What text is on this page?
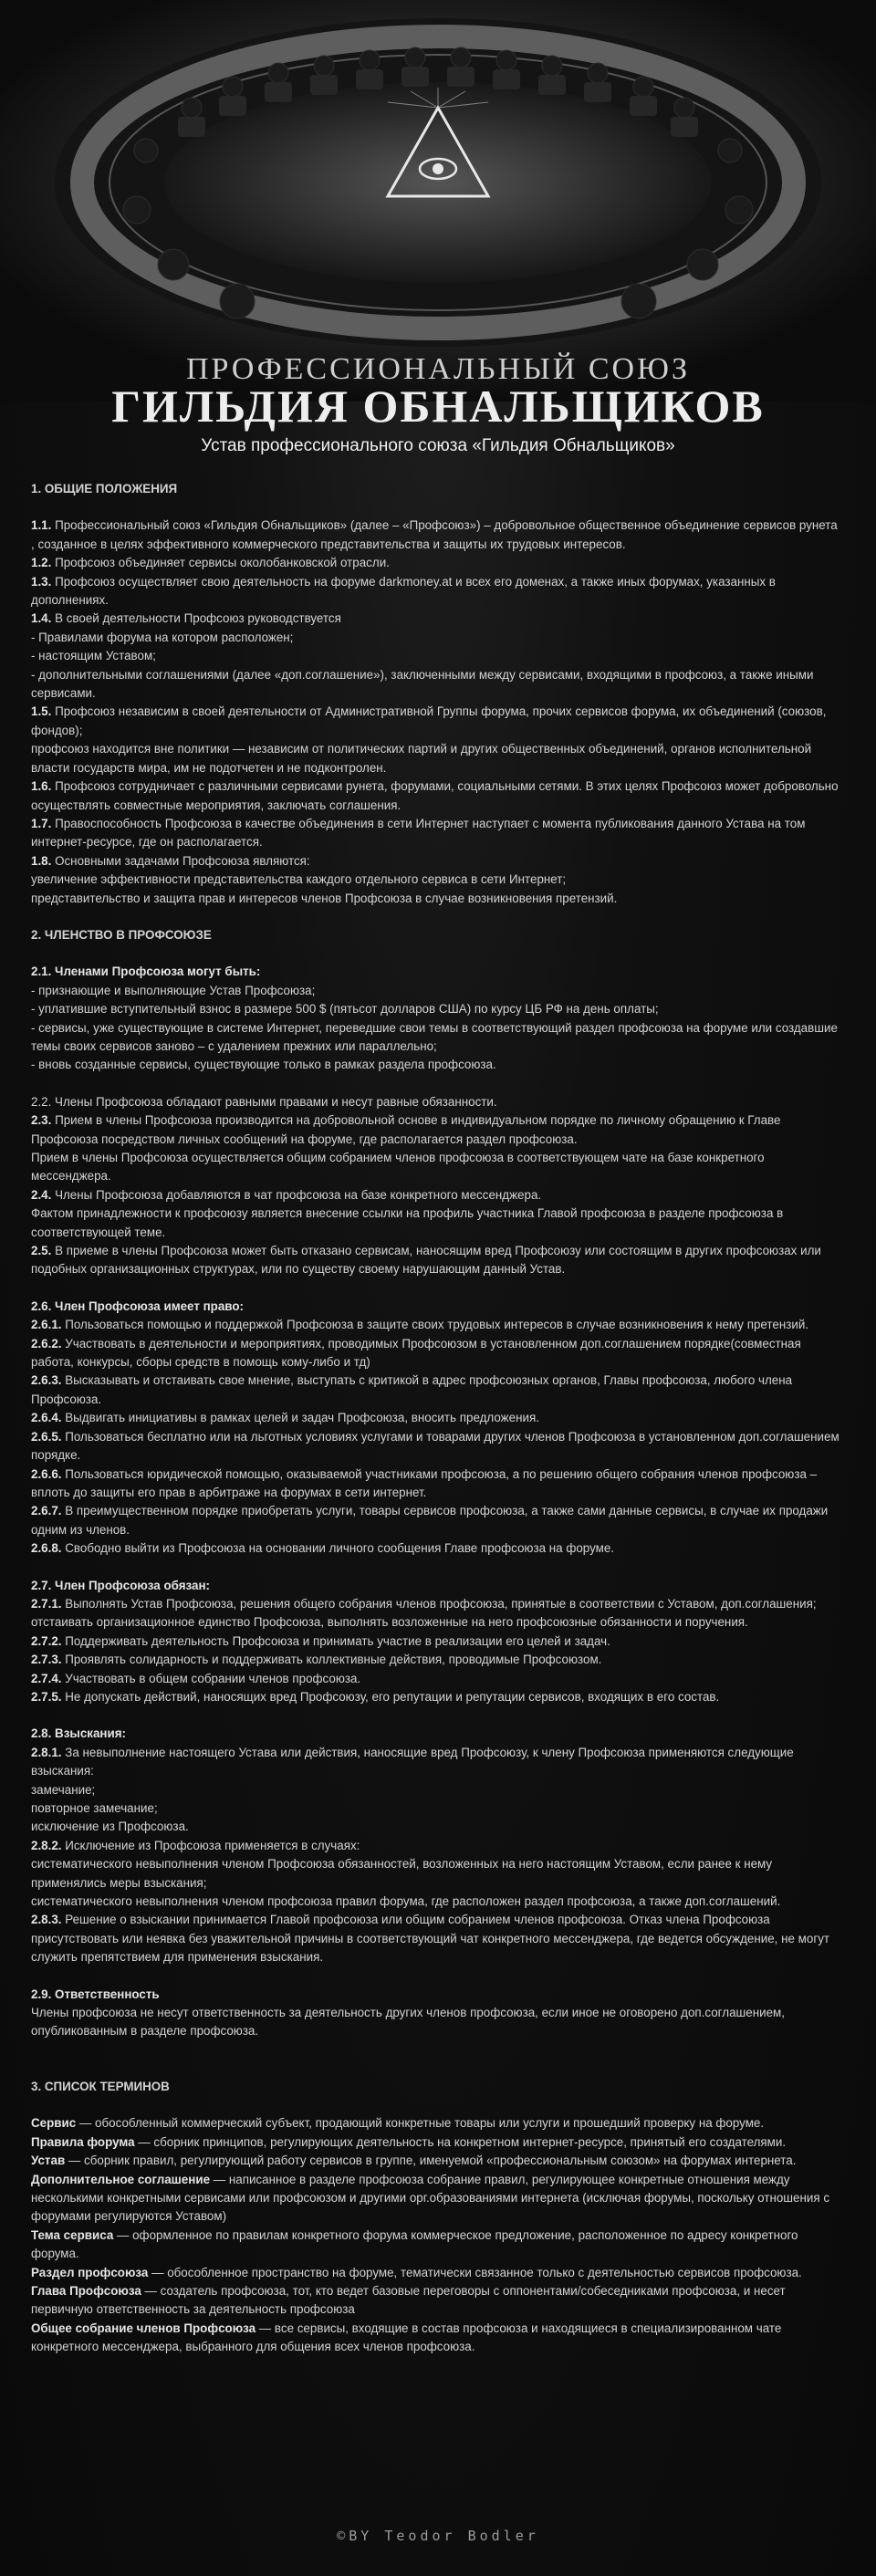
ПРОФЕССИОНАЛЬНЫЙ СОЮЗ
ГИЛЬДИЯ ОБНАЛЬЩИКОВ
Устав профессионального союза «Гильдия Обнальщиков»

1. ОБЩИЕ ПОЛОЖЕНИЯ

1.1. Профессиональный союз «Гильдия Обнальщиков» (далее – «Профсоюз») – добровольное общественное объединение сервисов рунета , созданное в целях эффективного коммерческого представительства и защиты их трудовых интересов.

1.2. Профсоюз объединяет сервисы околобанковской отрасли.

1.3. Профсоюз осуществляет свою деятельность на форуме darkmoney.at и всех его доменах, а также иных форумах, указанных в дополнениях.

1.4. В своей деятельности Профсоюз руководствуется

- Правилами форума на котором расположен;

- настоящим Уставом;

- дополнительными соглашениями (далее «доп.соглашение»), заключенными между сервисами, входящими в профсоюз, а также иными сервисами.

1.5. Профсоюз независим в своей деятельности от Административной Группы форума, прочих сервисов форума, их объединений (союзов, фондов);

профсоюз находится вне политики — независим от политических партий и других общественных объединений, органов исполнительной власти государств мира, им не подотчетен и не подконтролен.

1.6. Профсоюз сотрудничает с различными сервисами рунета, форумами, социальными сетями. В этих целях Профсоюз может добровольно осуществлять совместные мероприятия, заключать соглашения.

1.7. Правоспособность Профсоюза в качестве объединения в сети Интернет наступает с момента публикования данного Устава на том интернет-ресурсе, где он располагается.

1.8. Основными задачами Профсоюза являются:

увеличение эффективности представительства каждого отдельного сервиса в сети Интернет;

представительство и защита прав и интересов членов Профсоюза в случае возникновения претензий.

2. ЧЛЕНСТВО В ПРОФСОЮЗЕ

2.1. Членами Профсоюза могут быть:

- признающие и выполняющие Устав Профсоюза;

- уплатившие вступительный взнос в размере 500 $ (пятьсот долларов США) по курсу ЦБ РФ на день оплаты;

- сервисы, уже существующие в системе Интернет, переведшие свои темы в соответствующий раздел профсоюза на форуме или создавшие темы своих сервисов заново – с удалением прежних или параллельно;

- вновь созданные сервисы, существующие только в рамках раздела профсоюза.

2.2. Члены Профсоюза обладают равными правами и несут равные обязанности.

2.3. Прием в члены Профсоюза производится на добровольной основе в индивидуальном порядке по личному обращению к Главе Профсоюза посредством личных сообщений на форуме, где располагается раздел профсоюза.

Прием в члены Профсоюза осуществляется общим собранием членов профсоюза в соответствующем чате на базе конкретного мессенджера.

2.4. Члены Профсоюза добавляются в чат профсоюза на базе конкретного мессенджера.

Фактом принадлежности к профсоюзу является внесение ссылки на профиль участника Главой профсоюза в разделе профсоюза в соответствующей теме.

2.5. В приеме в члены Профсоюза может быть отказано сервисам, наносящим вред Профсоюзу или состоящим в других профсоюзах или подобных организационных структурах, или по существу своему нарушающим данный Устав.

2.6. Член Профсоюза имеет право:

2.6.1. Пользоваться помощью и поддержкой Профсоюза в защите своих трудовых интересов в случае возникновения к нему претензий.

2.6.2. Участвовать в деятельности и мероприятиях, проводимых Профсоюзом в установленном доп.соглашением порядке(совместная работа, конкурсы, сборы средств в помощь кому-либо и тд)

2.6.3. Высказывать и отстаивать свое мнение, выступать с критикой в адрес профсоюзных органов, Главы профсоюза, любого члена Профсоюза.

2.6.4. Выдвигать инициативы в рамках целей и задач Профсоюза, вносить предложения.

2.6.5. Пользоваться бесплатно или на льготных условиях услугами и товарами других членов Профсоюза в установленном доп.соглашением порядке.

2.6.6. Пользоваться юридической помощью, оказываемой участниками профсоюза, а по решению общего собрания членов профсоюза – вплоть до защиты его прав в арбитраже на форумах в сети интернет.

2.6.7. В преимущественном порядке приобретать услуги, товары сервисов профсоюза, а также сами данные сервисы, в случае их продажи одним из членов.

2.6.8. Свободно выйти из Профсоюза на основании личного сообщения Главе профсоюза на форуме.

2.7. Член Профсоюза обязан:

2.7.1. Выполнять Устав Профсоюза, решения общего собрания членов профсоюза, принятые в соответствии с Уставом, доп.соглашения; отстаивать организационное единство Профсоюза, выполнять возложенные на него профсоюзные обязанности и поручения.

2.7.2. Поддерживать деятельность Профсоюза и принимать участие в реализации его целей и задач.

2.7.3. Проявлять солидарность и поддерживать коллективные действия, проводимые Профсоюзом.

2.7.4. Участвовать в общем собрании членов профсоюза.

2.7.5. Не допускать действий, наносящих вред Профсоюзу, его репутации и репутации сервисов, входящих в его состав.

2.8. Взыскания:

2.8.1. За невыполнение настоящего Устава или действия, наносящие вред Профсоюзу, к члену Профсоюза применяются следующие взыскания:

замечание;

повторное замечание;

исключение из Профсоюза.

2.8.2. Исключение из Профсоюза применяется в случаях:

систематического невыполнения членом Профсоюза обязанностей, возложенных на него настоящим Уставом, если ранее к нему применялись меры взыскания;

систематического невыполнения членом профсоюза правил форума, где расположен раздел профсоюза, а также доп.соглашений.

2.8.3. Решение о взыскании принимается Главой профсоюза или общим собранием членов профсоюза. Отказ члена Профсоюза присутствовать или неявка без уважительной причины в соответствующий чат конкретного мессенджера, где ведется обсуждение, не могут служить препятствием для применения взыскания.

2.9. Ответственность

Члены профсоюза не несут ответственность за деятельность других членов профсоюза, если иное не оговорено доп.соглашением, опубликованным в разделе профсоюза.

3. СПИСОК ТЕРМИНОВ

Сервис — обособленный коммерческий субъект, продающий конкретные товары или услуги и прошедший проверку на форуме.

Правила форума — сборник принципов, регулирующих деятельность на конкретном интернет-ресурсе, принятый его создателями.

Устав — сборник правил, регулирующий работу сервисов в группе, именуемой «профессиональным союзом» на форумах интернета.

Дополнительное соглашение — написанное в разделе профсоюза собрание правил, регулирующее конкретные отношения между несколькими конкретными сервисами или профсоюзом и другими орг.образованиями интернета (исключая форумы, поскольку отношения с форумами регулируются Уставом)

Тема сервиса — оформленное по правилам конкретного форума коммерческое предложение, расположенное по адресу конкретного форума.

Раздел профсоюза — обособленное пространство на форуме, тематически связанное только с деятельностью сервисов профсоюза.

Глава Профсоюза — создатель профсоюза, тот, кто ведет базовые переговоры с оппонентами/собеседниками профсоюза, и несет первичную ответственность за деятельность профсоюза

Общее собрание членов Профсоюза — все сервисы, входящие в состав профсоюза и находящиеся в специализированном чате конкретного мессенджера, выбранного для общения всех членов профсоюза.

©BY Teodor Bodler
